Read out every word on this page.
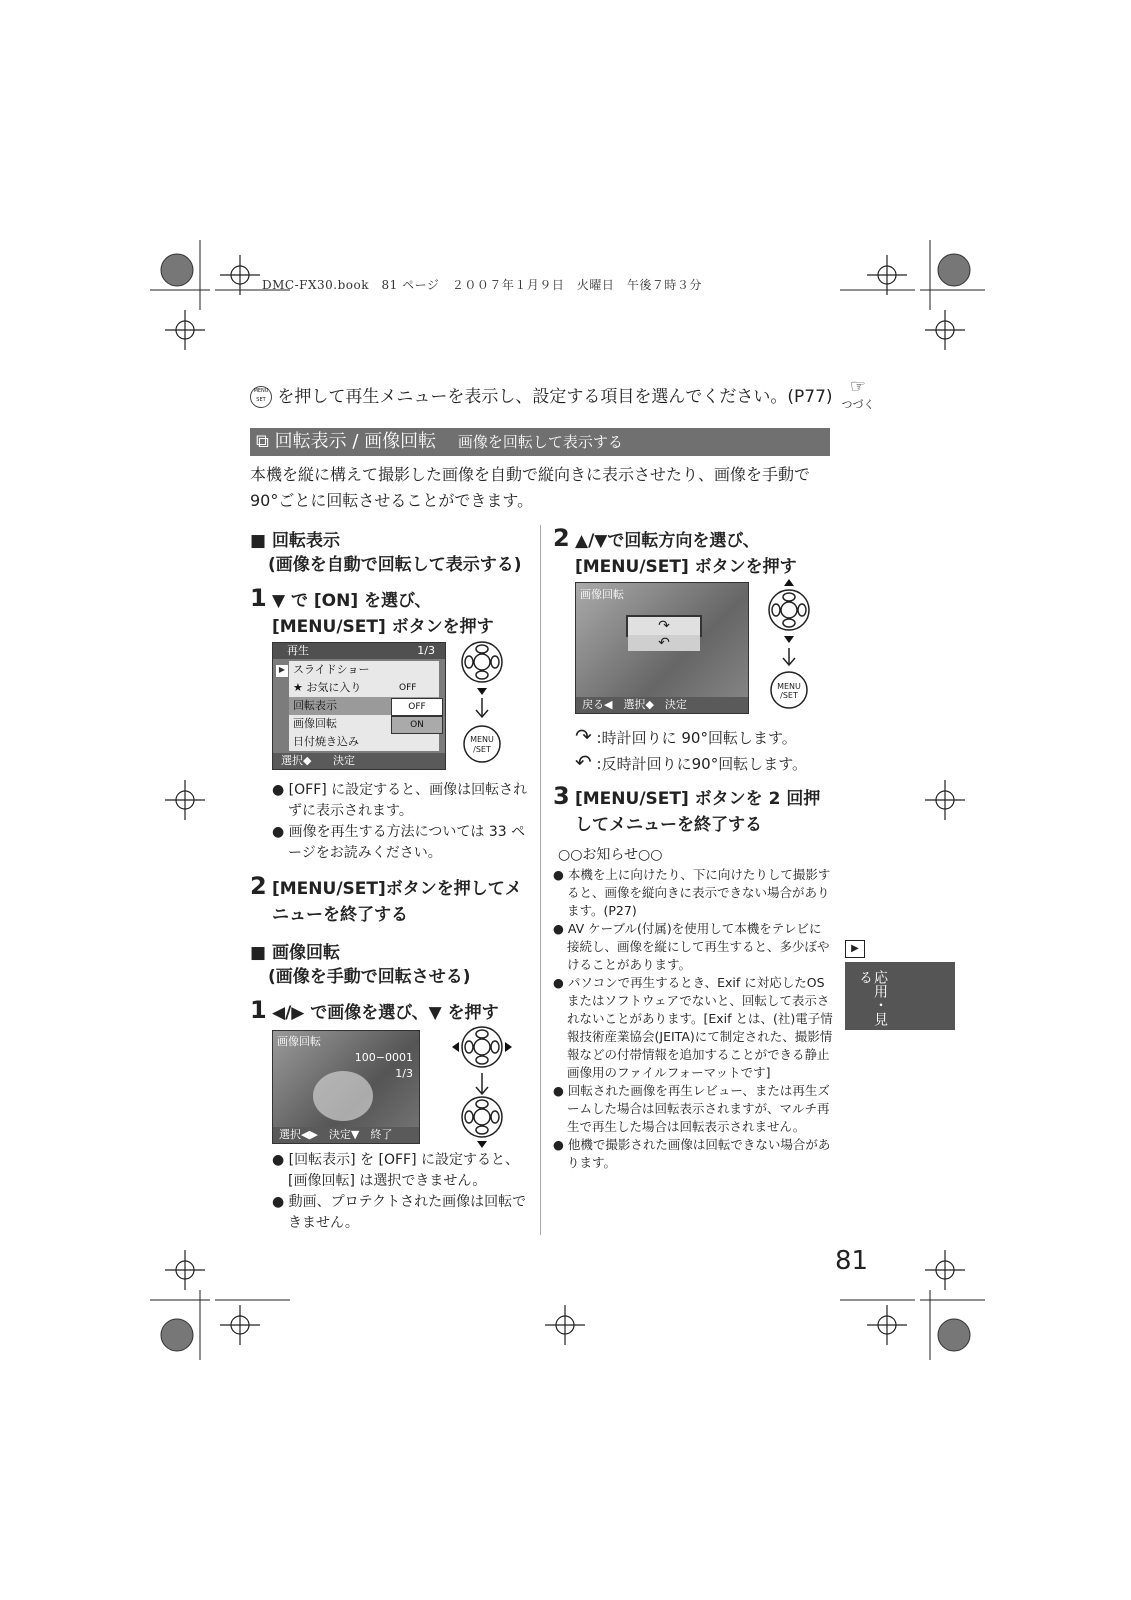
DMC-FX30.book　81 ページ　２００７年１月９日　火曜日　午後７時３分
MENU SET を押して再生メニューを表示し、設定する項目を選んでください。(P77) ☞
つづく
⧉ 回転表示 / 画像回転 画像を回転して表示する
本機を縦に構えて撮影した画像を自動で縦向きに表示させたり、画像を手動で90°ごとに回転させることができます。
■ 回転表示
(画像を自動で回転して表示する)
1 ▼ で [ON] を選び、[MENU/SET] ボタンを押す
再生	1/3
▶ スライドショー
★ お気に入り	OFF
回転表示	OFF
画像回転	ON
日付焼き込み
選択◆ 決定
MENU
/SET
● [OFF] に設定すると、画像は回転されずに表示されます。
● 画像を再生する方法については 33 ページをお読みください。
2 [MENU/SET]ボタンを押してメニューを終了する
■ 画像回転
(画像を手動で回転させる)
1 ◀/▶ で画像を選び、▼ を押す
画像回転
100−0001
1/3
選択◀▶　決定▼　終了
● [回転表示] を [OFF] に設定すると、[画像回転] は選択できません。
● 動画、プロテクトされた画像は回転できません。
2 ▲/▼で回転方向を選び、[MENU/SET] ボタンを押す
画像回転
↷
↶
戻る◀　選択◆　決定
MENU /SET
↷ :時計回りに 90°回転します。
↶ :反時計回りに90°回転します。
3 [MENU/SET] ボタンを 2 回押してメニューを終了する
○○お知らせ○○
● 本機を上に向けたり、下に向けたりして撮影すると、画像を縦向きに表示できない場合があります。(P27)
● AV ケーブル(付属)を使用して本機をテレビに接続し、画像を縦にして再生すると、多少ぼやけることがあります。
● パソコンで再生するとき、Exif に対応したOS またはソフトウェアでないと、回転して表示されないことがあります。[Exif とは、(社)電子情報技術産業協会(JEITA)にて制定された、撮影情報などの付帯情報を追加することができる静止画像用のファイルフォーマットです]
● 回転された画像を再生レビュー、または再生ズームした場合は回転表示されますが、マルチ再生で再生した場合は回転表示されません。
● 他機で撮影された画像は回転できない場合があります。
▶
応用・見る
81
